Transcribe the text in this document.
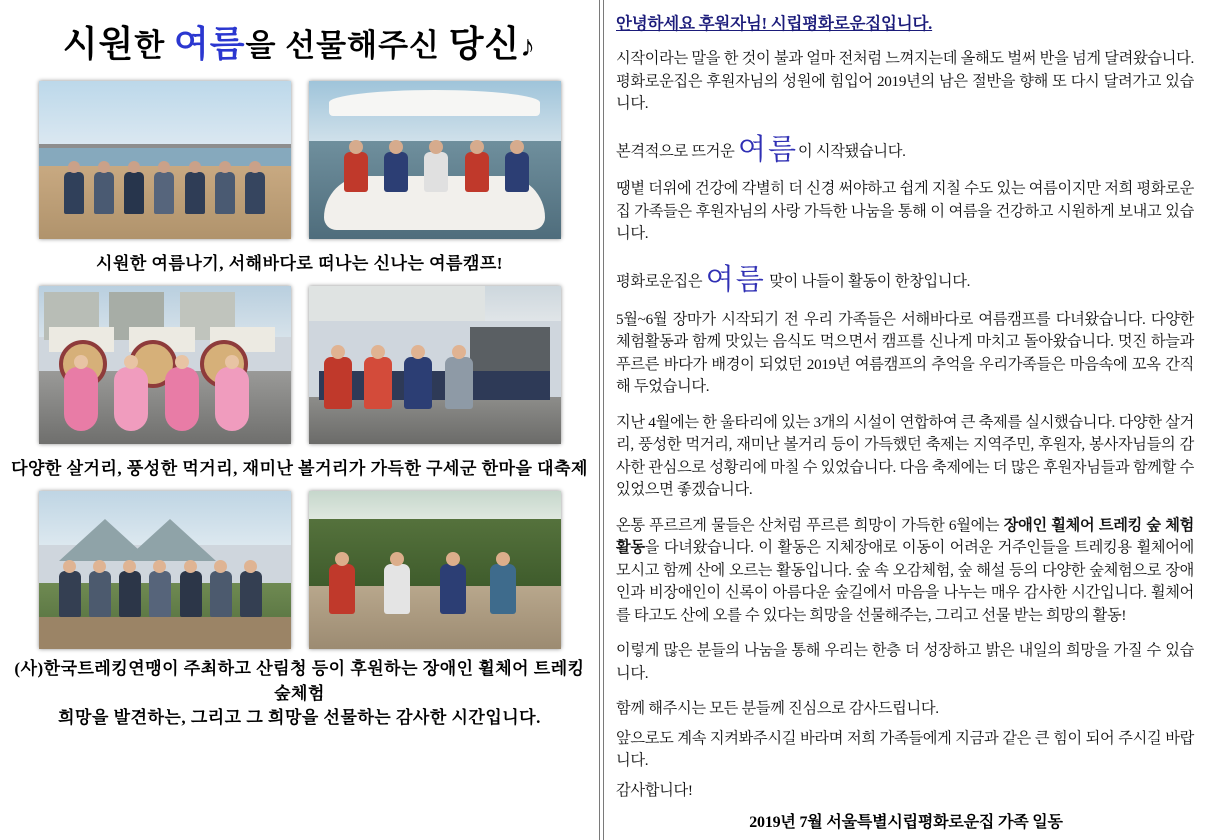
시원한 여름을 선물해주신 당신♪
시원한 여름나기, 서해바다로 떠나는 신나는 여름캠프!
다양한 살거리, 풍성한 먹거리, 재미난 볼거리가 가득한 구세군 한마을 대축제
(사)한국트레킹연맹이 주최하고 산림청 등이 후원하는 장애인 휠체어 트레킹 숲체험
희망을 발견하는, 그리고 그 희망을 선물하는 감사한 시간입니다.
안녕하세요 후원자님! 시립평화로운집입니다.

시작이라는 말을 한 것이 불과 얼마 전처럼 느껴지는데 올해도 벌써 반을 넘게 달려왔습니다. 평화로운집은 후원자님의 성원에 힘입어 2019년의 남은 절반을 향해 또 다시 달려가고 있습니다.

본격적으로 뜨거운 여름이 시작됐습니다.

땡볕 더위에 건강에 각별히 더 신경 써야하고 쉽게 지칠 수도 있는 여름이지만 저희 평화로운집 가족들은 후원자님의 사랑 가득한 나눔을 통해 이 여름을 건강하고 시원하게 보내고 있습니다.

평화로운집은 여름 맞이 나들이 활동이 한창입니다.

5월~6월 장마가 시작되기 전 우리 가족들은 서해바다로 여름캠프를 다녀왔습니다. 다양한 체험활동과 함께 맛있는 음식도 먹으면서 캠프를 신나게 마치고 돌아왔습니다. 멋진 하늘과 푸르른 바다가 배경이 되었던 2019년 여름캠프의 추억을 우리가족들은 마음속에 꼬옥 간직해 두었습니다.

지난 4월에는 한 울타리에 있는 3개의 시설이 연합하여 큰 축제를 실시했습니다. 다양한 살거리, 풍성한 먹거리, 재미난 볼거리 등이 가득했던 축제는 지역주민, 후원자, 봉사자님들의 감사한 관심으로 성황리에 마칠 수 있었습니다. 다음 축제에는 더 많은 후원자님들과 함께할 수 있었으면 좋겠습니다.

온통 푸르르게 물들은 산처럼 푸르른 희망이 가득한 6월에는 장애인 휠체어 트레킹 숲 체험활동을 다녀왔습니다. 이 활동은 지체장애로 이동이 어려운 거주인들을 트레킹용 휠체어에 모시고 함께 산에 오르는 활동입니다. 숲 속 오감체험, 숲 해설 등의 다양한 숲체험으로 장애인과 비장애인이 신록이 아름다운 숲길에서 마음을 나누는 매우 감사한 시간입니다. 휠체어를 타고도 산에 오를 수 있다는 희망을 선물해주는, 그리고 선물 받는 희망의 활동!

이렇게 많은 분들의 나눔을 통해 우리는 한층 더 성장하고 밝은 내일의 희망을 가질 수 있습니다.

함께 해주시는 모든 분들께 진심으로 감사드립니다.

앞으로도 계속 지켜봐주시길 바라며 저희 가족들에게 지금과 같은 큰 힘이 되어 주시길 바랍니다.

감사합니다!

2019년 7월 서울특별시립평화로운집 가족 일동
